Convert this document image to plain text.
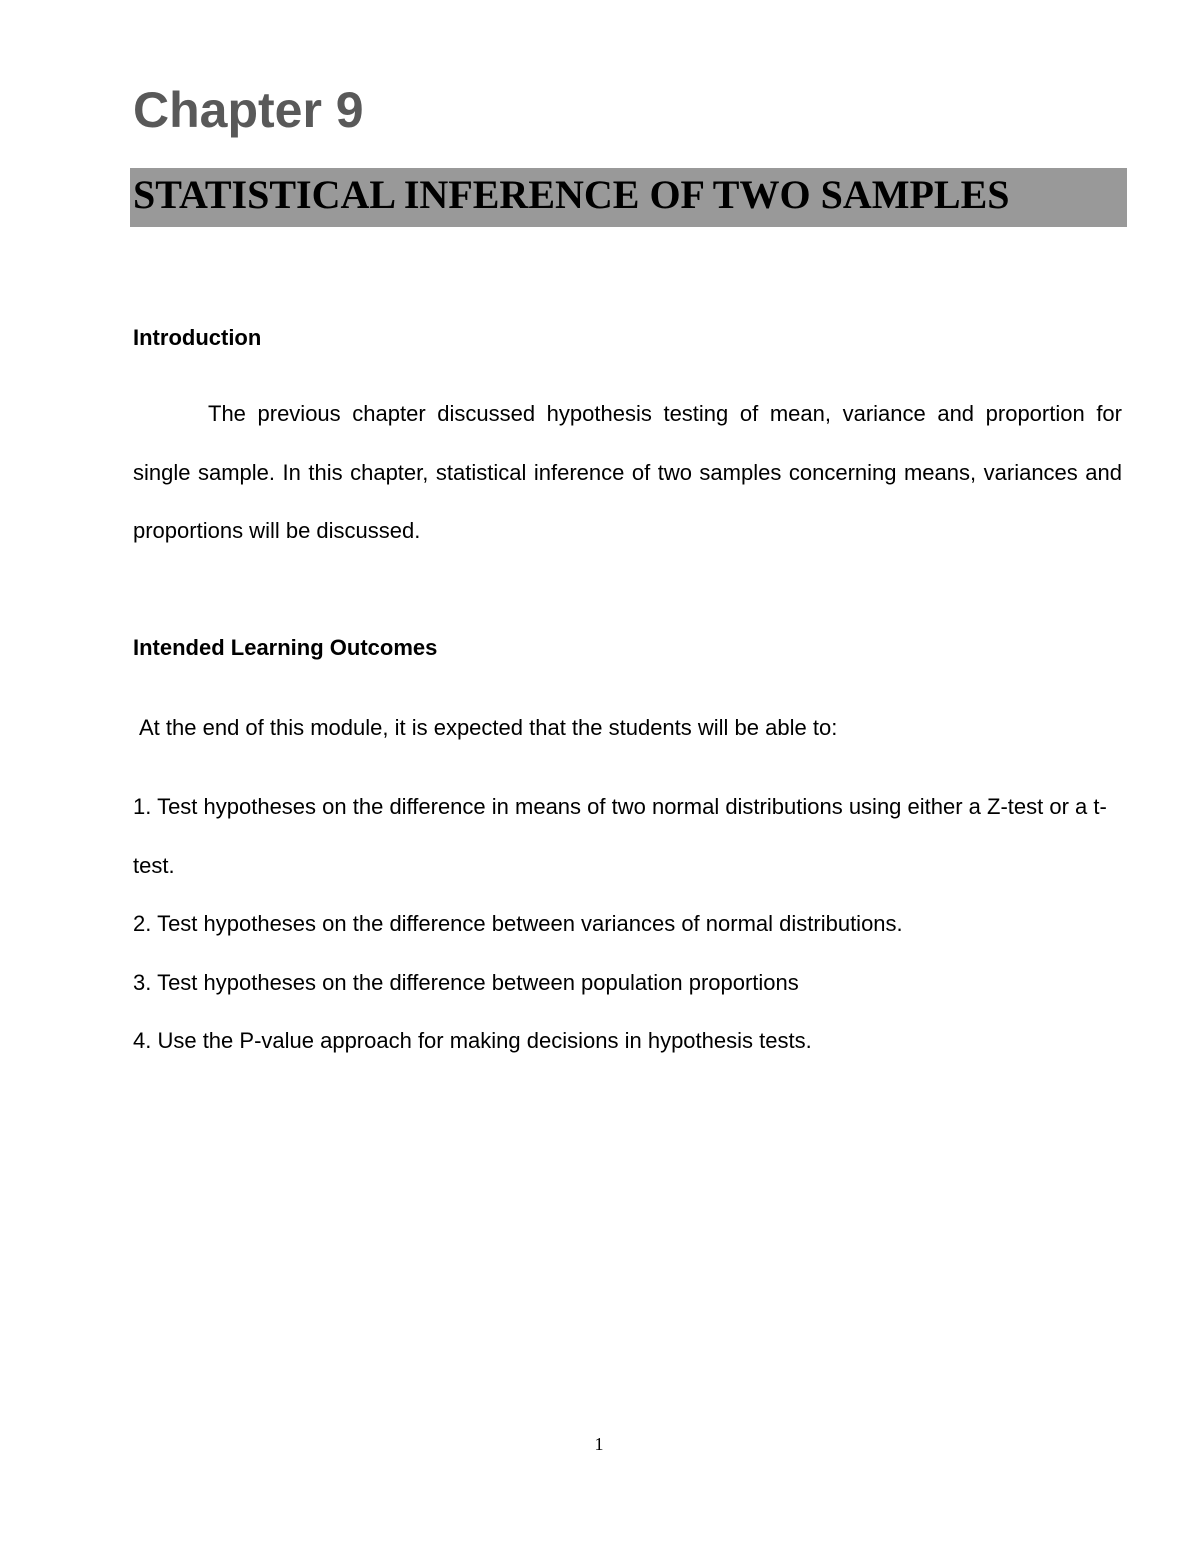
Chapter 9
STATISTICAL INFERENCE OF TWO SAMPLES
Introduction

The previous chapter discussed hypothesis testing of mean, variance and proportion for single sample. In this chapter, statistical inference of two samples concerning means, variances and proportions will be discussed.

Intended Learning Outcomes

At the end of this module, it is expected that the students will be able to:

1. Test hypotheses on the difference in means of two normal distributions using either a Z-test or a t-test.
2. Test hypotheses on the difference between variances of normal distributions.
3. Test hypotheses on the difference between population proportions
4. Use the P-value approach for making decisions in hypothesis tests.
1
